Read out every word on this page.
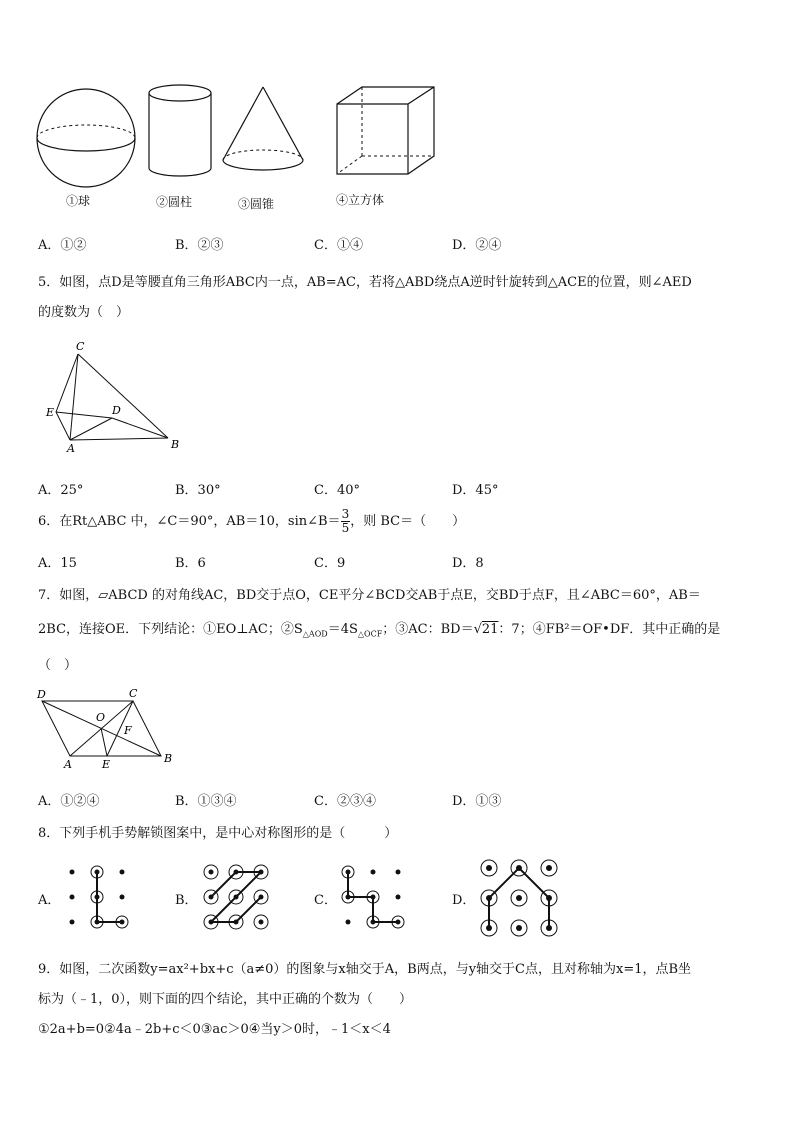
①球	②圆柱	③圆锥	④立方体
A．①②	B．②③	C．①④	D．②④
5．如图，点D是等腰直角三角形ABC内一点，AB=AC，若将△ABD绕点A逆时针旋转到△ACE的位置，则∠AED
的度数为（　）
C
E	D
A	B
A．25°	B．30°	C．40°	D．45°
6．在Rt△ABC 中，∠C＝90°，AB＝10，sin∠B＝ $\frac{3}{5}$ ，则 BC＝（　　）
A．15	B．6	C．9	D．8
7．如图，▱ABCD 的对角线AC，BD交于点O，CE平分∠BCD交AB于点E，交BD于点F，且∠ABC＝60°，AB＝
2BC，连接OE．下列结论：①EO⊥AC；$②S_{\triangle AOD}=4S_{\triangle OCF}$；③AC：BD＝√21：7；④FB²＝OF•DF．其中正确的是
（　）
D	C
O
F
A	E	B
A．①②④	B．①③④	C．②③④	D．①③
8．下列手机手势解锁图案中，是中心对称图形的是（　　　）
A．	B．	C．	D．
9．如图，二次函数y=ax²+bx+c（a≠0）的图象与x轴交于A，B两点，与y轴交于C点，且对称轴为x=1，点B坐
标为（﹣1，0），则下面的四个结论，其中正确的个数为（　　）
①2a+b=0②4a﹣2b+c＜0③ac＞0④当y＞0时，﹣1＜x＜4
